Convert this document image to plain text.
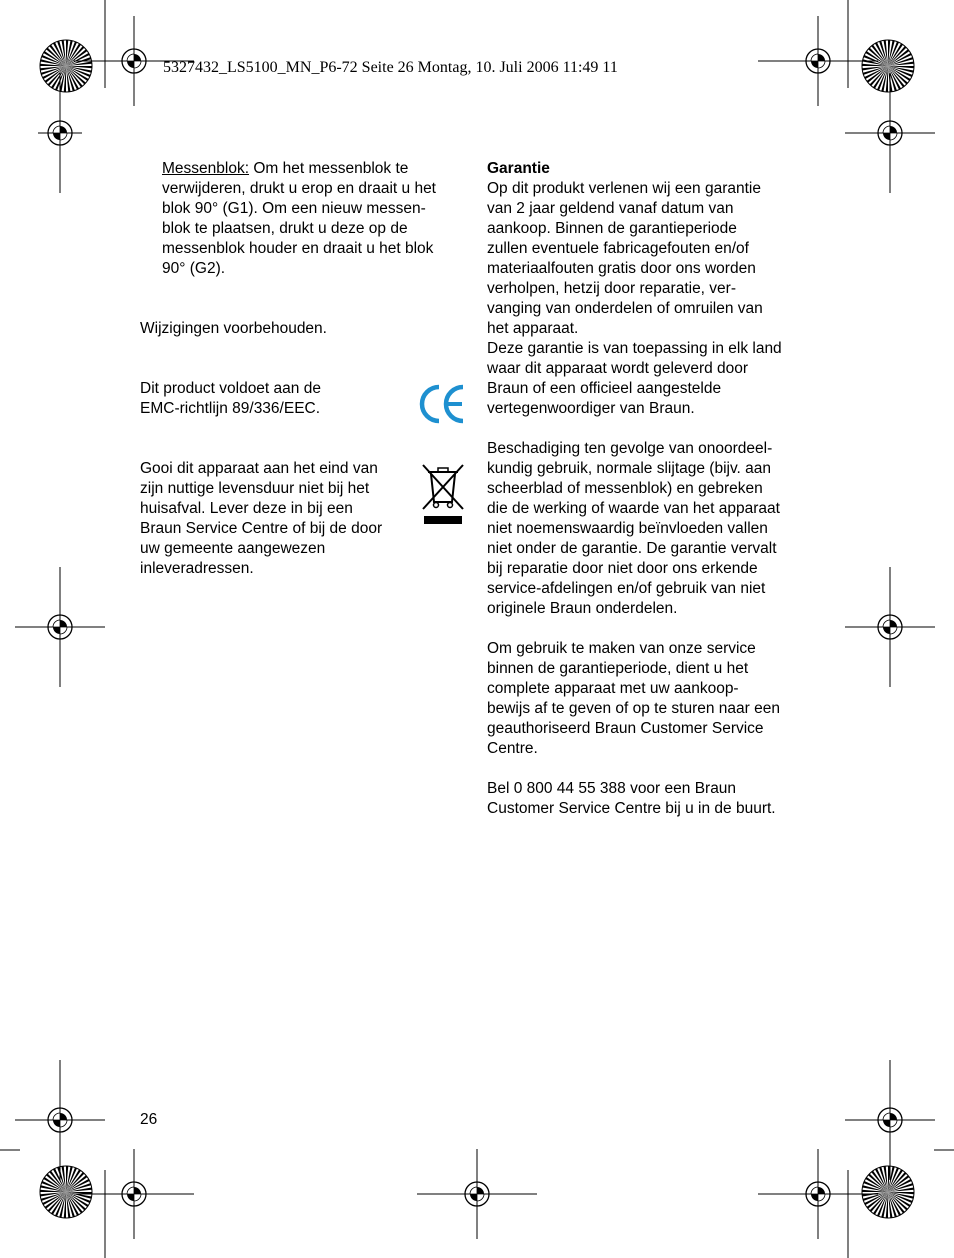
5327432_LS5100_MN_P6-72 Seite 26 Montag, 10. Juli 2006 11:49 11

Messenblok: Om het messenblok te

verwijderen, drukt u erop en draait u het

blok 90° (G1). Om een nieuw messen-

blok te plaatsen, drukt u deze op de

messenblok houder en draait u het blok

90° (G2).

Wijzigingen voorbehouden.

Dit product voldoet aan de

EMC-richtlijn 89/336/EEC.

Gooi dit apparaat aan het eind van

zijn nuttige levensduur niet bij het

huisafval. Lever deze in bij een

Braun Service Centre of bij de door

uw gemeente aangewezen

inleveradressen.

Garantie

Op dit produkt verlenen wij een garantie

van 2 jaar geldend vanaf datum van

aankoop. Binnen de garantieperiode

zullen eventuele fabricagefouten en/of

materiaalfouten gratis door ons worden

verholpen, hetzij door reparatie, ver-

vanging van onderdelen of omruilen van

het apparaat.

Deze garantie is van toepassing in elk land

waar dit apparaat wordt geleverd door

Braun of een officieel aangestelde

vertegenwoordiger van Braun.

Beschadiging ten gevolge van onoordeel-

kundig gebruik, normale slijtage (bijv. aan

scheerblad of messenblok) en gebreken

die de werking of waarde van het apparaat

niet noemenswaardig beïnvloeden vallen

niet onder de garantie. De garantie vervalt

bij reparatie door niet door ons erkende

service-afdelingen en/of gebruik van niet

originele Braun onderdelen.

Om gebruik te maken van onze service

binnen de garantieperiode, dient u het

complete apparaat met uw aankoop-

bewijs af te geven of op te sturen naar een

geauthoriseerd Braun Customer Service

Centre.

Bel 0 800 44 55 388 voor een Braun

Customer Service Centre bij u in de buurt.

26
